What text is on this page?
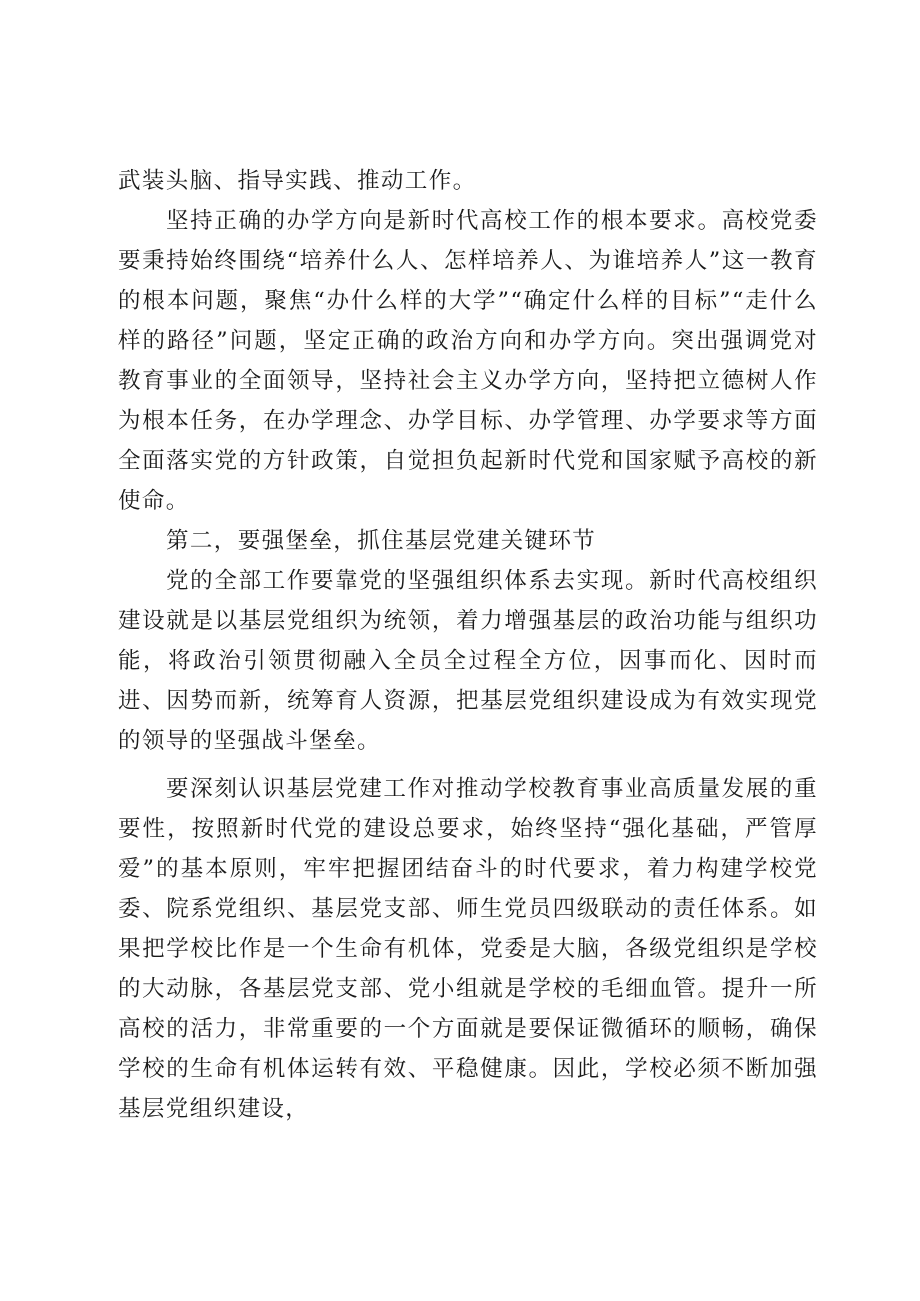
武装头脑、指导实践、推动工作。

坚持正确的办学方向是新时代高校工作的根本要求。高校党委要秉持始终围绕“培养什么人、怎样培养人、为谁培养人”这一教育的根本问题，聚焦“办什么样的大学”“确定什么样的目标”“走什么样的路径”问题，坚定正确的政治方向和办学方向。突出强调党对教育事业的全面领导，坚持社会主义办学方向，坚持把立德树人作为根本任务，在办学理念、办学目标、办学管理、办学要求等方面全面落实党的方针政策，自觉担负起新时代党和国家赋予高校的新使命。

第二，要强堡垒，抓住基层党建关键环节

党的全部工作要靠党的坚强组织体系去实现。新时代高校组织建设就是以基层党组织为统领，着力增强基层的政治功能与组织功能，将政治引领贯彻融入全员全过程全方位，因事而化、因时而进、因势而新，统筹育人资源，把基层党组织建设成为有效实现党的领导的坚强战斗堡垒。

要深刻认识基层党建工作对推动学校教育事业高质量发展的重要性，按照新时代党的建设总要求，始终坚持“强化基础，严管厚爱”的基本原则，牢牢把握团结奋斗的时代要求，着力构建学校党委、院系党组织、基层党支部、师生党员四级联动的责任体系。如果把学校比作是一个生命有机体，党委是大脑，各级党组织是学校的大动脉，各基层党支部、党小组就是学校的毛细血管。提升一所高校的活力，非常重要的一个方面就是要保证微循环的顺畅，确保学校的生命有机体运转有效、平稳健康。因此，学校必须不断加强基层党组织建设，
